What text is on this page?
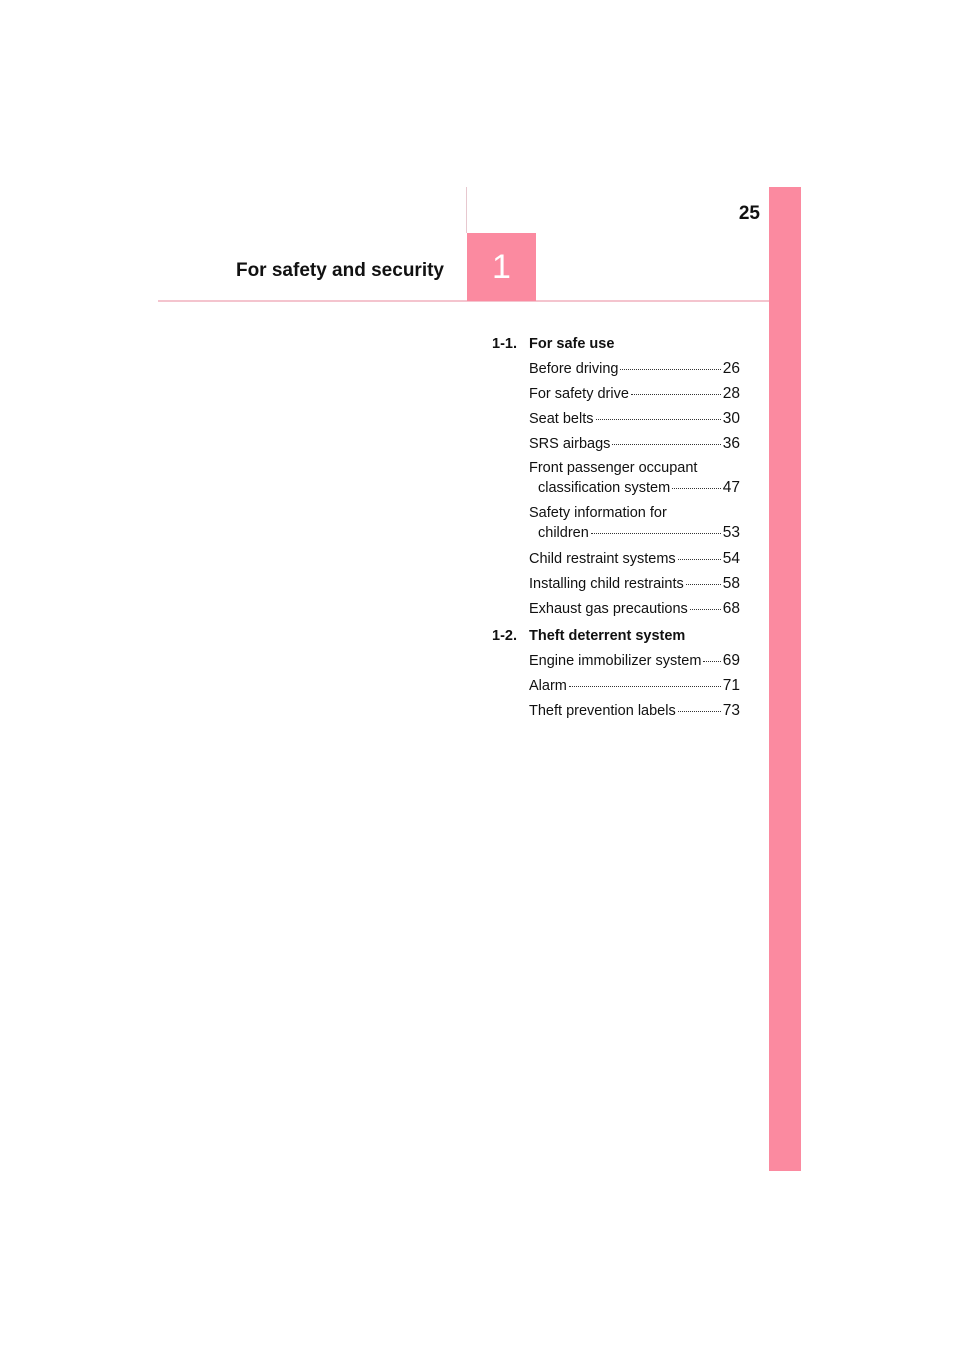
25
1
For safety and security
1-1. For safe use
Before driving	26
For safety drive	28
Seat belts	30
SRS airbags	36
Front passenger occupant
classification system	47
Safety information for
children	53
Child restraint systems	54
Installing child restraints	58
Exhaust gas precautions 68
1-2. Theft deterrent system
Engine immobilizer system 69
Alarm	71
Theft prevention labels	73
